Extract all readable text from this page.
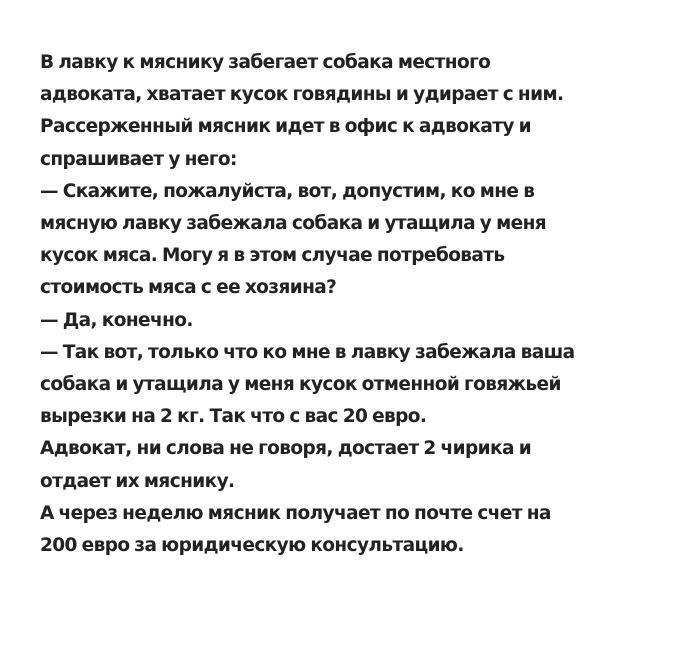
В лавку к мяснику забегает собака местного
адвоката, хватает кусок говядины и удирает с ним.
Рассерженный мясник идет в офис к адвокату и
спрашивает у него:
— Скажите, пожалуйста, вот, допустим, ко мне в
мясную лавку забежала собака и утащила у меня
кусок мяса. Могу я в этом случае потребовать
стоимость мяса с ее хозяина?
— Да, конечно.
— Так вот, только что ко мне в лавку забежала ваша
собака и утащила у меня кусок отменной говяжьей
вырезки на 2 кг. Так что с вас 20 евро.
Адвокат, ни слова не говоря, достает 2 чирика и
отдает их мяснику.
А через неделю мясник получает по почте счет на
200 евро за юридическую консультацию.
